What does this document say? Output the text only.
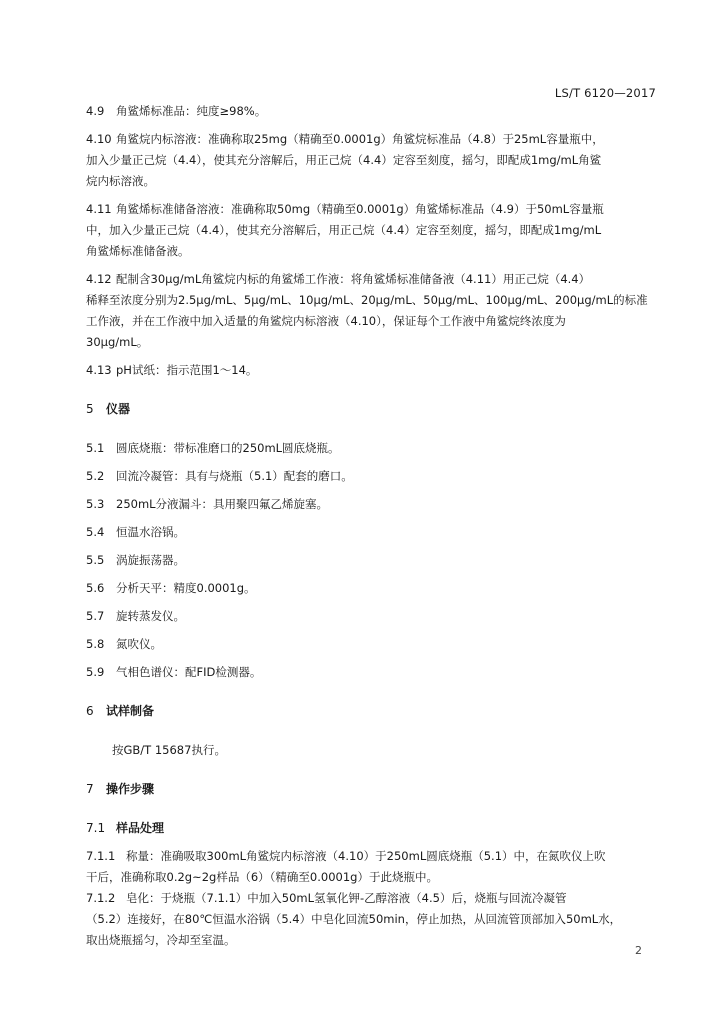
LS/T 6120—2017

4.9 角鲨烯标准品：纯度≥98%。

4.10 角鲨烷内标溶液：准确称取25mg（精确至0.0001g）角鲨烷标准品（4.8）于25mL容量瓶中，

加入少量正己烷（4.4），使其充分溶解后，用正己烷（4.4）定容至刻度，摇匀，即配成1mg/mL角鲨

烷内标溶液。

4.11 角鲨烯标准储备溶液：准确称取50mg（精确至0.0001g）角鲨烯标准品（4.9）于50mL容量瓶

中，加入少量正己烷（4.4），使其充分溶解后，用正己烷（4.4）定容至刻度，摇匀，即配成1mg/mL

角鲨烯标准储备液。

4.12 配制含30μg/mL角鲨烷内标的角鲨烯工作液：将角鲨烯标准储备液（4.11）用正己烷（4.4）

稀释至浓度分别为2.5μg/mL、5μg/mL、10μg/mL、20μg/mL、50μg/mL、100μg/mL、200μg/mL的标准

工作液，并在工作液中加入适量的角鲨烷内标溶液（4.10），保证每个工作液中角鲨烷终浓度为

30μg/mL。

4.13 pH试纸：指示范围1～14。

5 仪器

5.1 圆底烧瓶：带标准磨口的250mL圆底烧瓶。

5.2 回流冷凝管：具有与烧瓶（5.1）配套的磨口。

5.3 250mL分液漏斗：具用聚四氟乙烯旋塞。

5.4 恒温水浴锅。

5.5 涡旋振荡器。

5.6 分析天平：精度0.0001g。

5.7 旋转蒸发仪。

5.8 氮吹仪。

5.9 气相色谱仪：配FID检测器。

6 试样制备

按GB/T 15687执行。

7 操作步骤

7.1 样品处理

7.1.1 称量：准确吸取300mL角鲨烷内标溶液（4.10）于250mL圆底烧瓶（5.1）中，在氮吹仪上吹

干后，准确称取0.2g~2g样品（6）（精确至0.0001g）于此烧瓶中。

7.1.2 皂化：于烧瓶（7.1.1）中加入50mL氢氧化钾-乙醇溶液（4.5）后，烧瓶与回流冷凝管

（5.2）连接好，在80℃恒温水浴锅（5.4）中皂化回流50min，停止加热，从回流管顶部加入50mL水，

取出烧瓶摇匀，冷却至室温。

2
